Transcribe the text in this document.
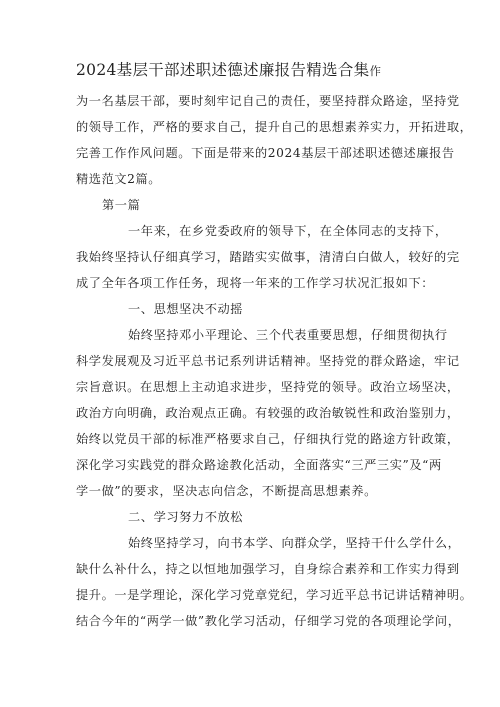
2024基层干部述职述德述廉报告精选合集作
为一名基层干部，要时刻牢记自己的责任，要坚持群众路途，坚持党
的领导工作，严格的要求自己，提升自己的思想素养实力，开拓进取，
完善工作作风问题。下面是带来的2024基层干部述职述德述廉报告
精选范文2篇。
第一篇
一年来，在乡党委政府的领导下，在全体同志的支持下，
我始终坚持认仔细真学习，踏踏实实做事，清清白白做人，较好的完
成了全年各项工作任务，现将一年来的工作学习状况汇报如下：
一、思想坚决不动摇
始终坚持邓小平理论、三个代表重要思想，仔细贯彻执行
科学发展观及习近平总书记系列讲话精神。坚持党的群众路途，牢记
宗旨意识。在思想上主动追求进步，坚持党的领导。政治立场坚决，
政治方向明确，政治观点正确。有较强的政治敏锐性和政治鉴别力，
始终以党员干部的标准严格要求自己，仔细执行党的路途方针政策，
深化学习实践党的群众路途教化活动，全面落实“三严三实”及“两
学一做”的要求，坚决志向信念，不断提高思想素养。
二、学习努力不放松
始终坚持学习，向书本学、向群众学，坚持干什么学什么，
缺什么补什么，持之以恒地加强学习，自身综合素养和工作实力得到
提升。一是学理论，深化学习党章党纪，学习近平总书记讲话精神明。
结合今年的“两学一做”教化学习活动，仔细学习党的各项理论学问，
